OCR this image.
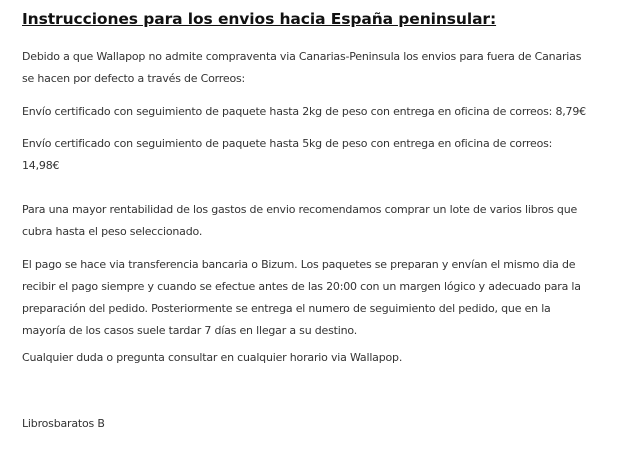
Instrucciones para los envios hacia España peninsular:
Debido a que Wallapop no admite compraventa via Canarias-Peninsula los envios para fuera de Canarias se hacen por defecto a través de Correos:
Envío certificado con seguimiento de paquete hasta 2kg de peso con entrega en oficina de correos: 8,79€
Envío certificado con seguimiento de paquete hasta 5kg de peso con entrega en oficina de correos: 14,98€
Para una mayor rentabilidad de los gastos de envio recomendamos comprar un lote de varios libros que cubra hasta el peso seleccionado.
El pago se hace via transferencia bancaria o Bizum. Los paquetes se preparan y envían el mismo dia de recibir el pago siempre y cuando se efectue antes de las 20:00 con un margen lógico y adecuado para la preparación del pedido. Posteriormente se entrega el numero de seguimiento del pedido, que en la mayoría de los casos suele tardar 7 días en llegar a su destino.
Cualquier duda o pregunta consultar en cualquier horario via Wallapop.
Librosbaratos B
